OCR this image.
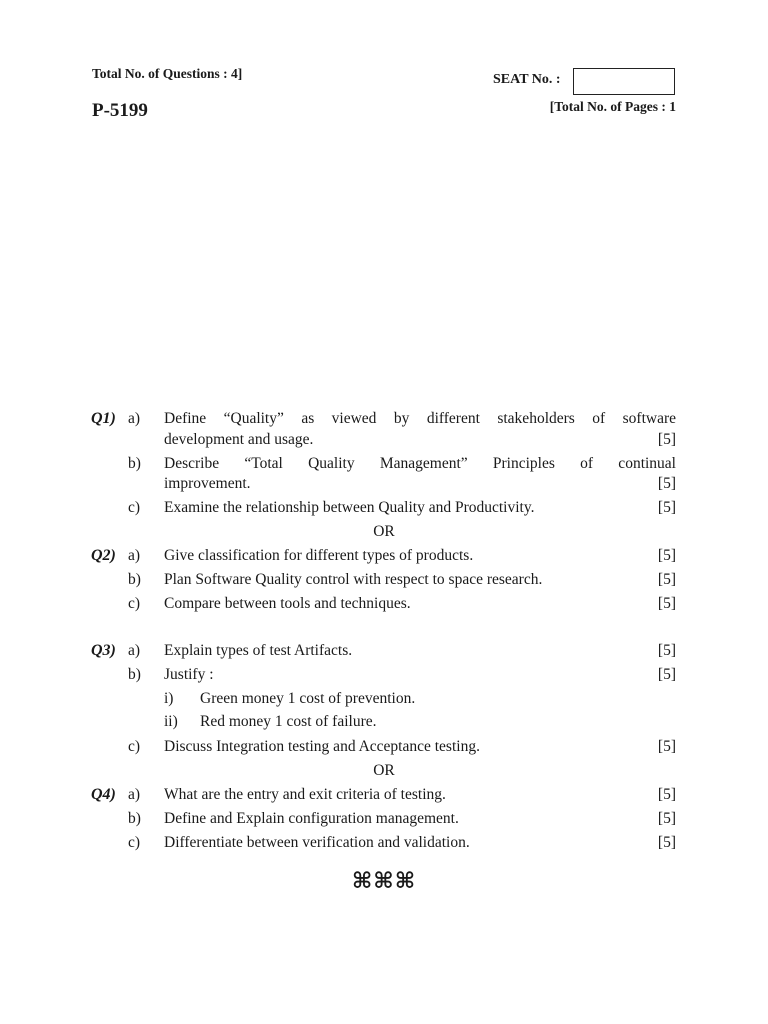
Total No. of Questions : 4]
P-5199
SEAT No. :
[Total No. of Pages : 1
Q1) a)	Define “Quality” as viewed by different stakeholders of software
development and usage.	[5]
b)	Describe “Total Quality Management” Principles of continual
improvement.	[5]
c)	Examine the relationship between Quality and Productivity.	[5]
OR
Q2) a)	Give classification for different types of products.	[5]
b)	Plan Software Quality control with respect to space research.	[5]
c)	Compare between tools and techniques.	[5]
Q3) a)	Explain types of test Artifacts.	[5]
b)	Justify :	[5]
i)	Green money 1 cost of prevention.
ii)	Red money 1 cost of failure.
c)	Discuss Integration testing and Acceptance testing.	[5]
OR
Q4) a)	What are the entry and exit criteria of testing.	[5]
b)	Define and Explain configuration management.	[5]
c)	Differentiate between verification and validation.	[5]
⌘⌘⌘
